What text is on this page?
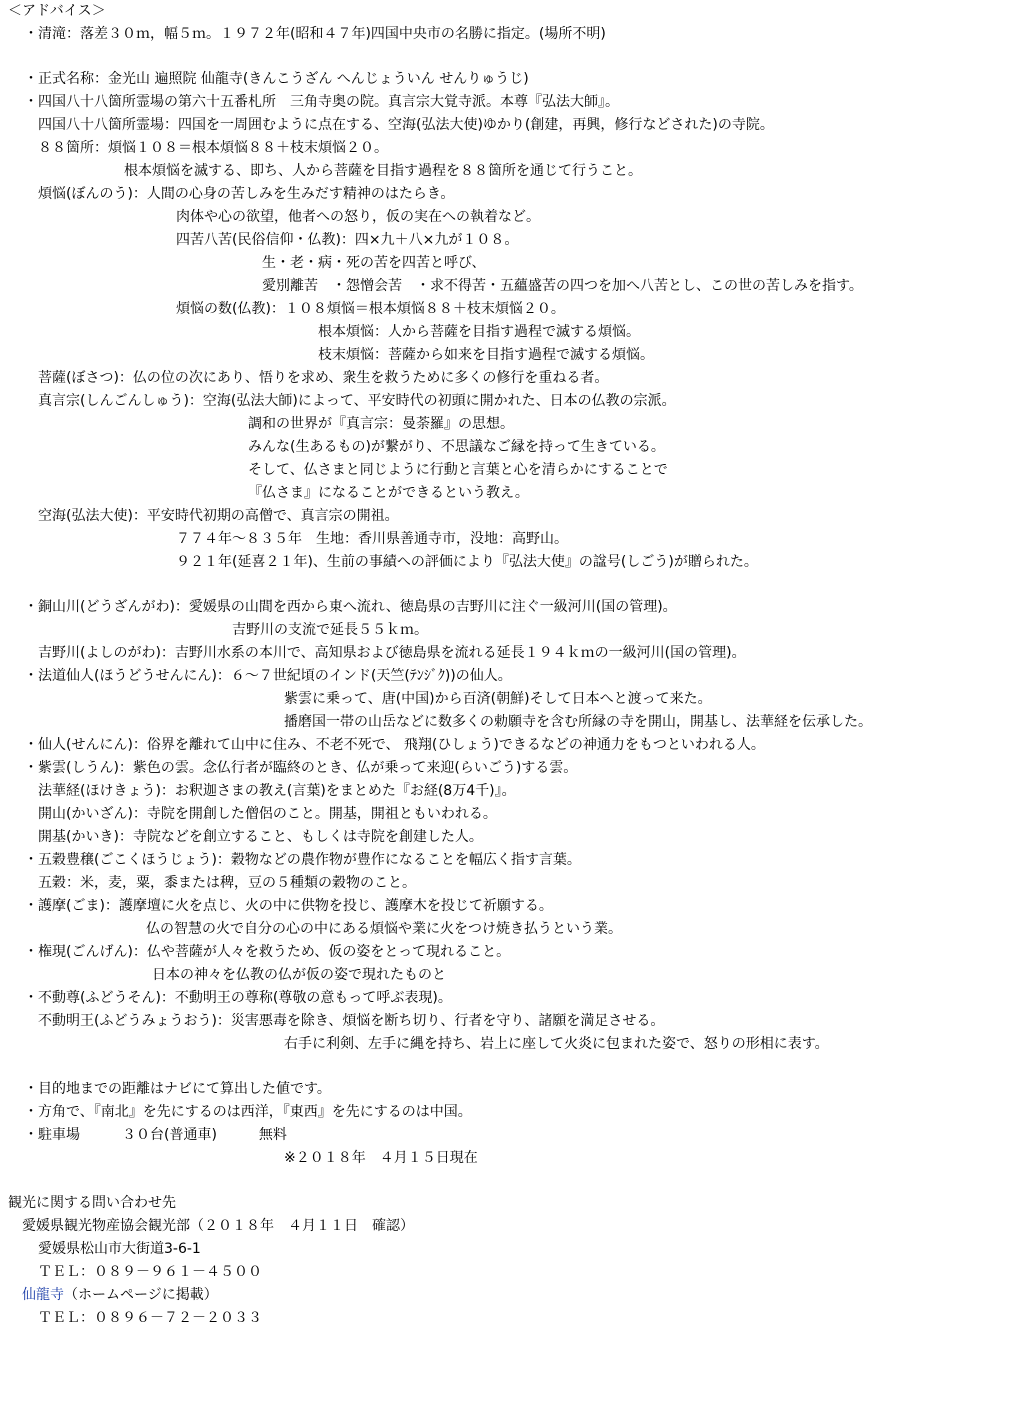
＜アドバイス＞
・清滝：落差３０ｍ，幅５ｍ。１９７２年(昭和４７年)四国中央市の名勝に指定。(場所不明)
・正式名称：金光山 遍照院 仙龍寺(きんこうざん へんじょういん せんりゅうじ)
・四国八十八箇所霊場の第六十五番札所　三角寺奥の院。真言宗大覚寺派。本尊『弘法大師』。
四国八十八箇所霊場：四国を一周囲むように点在する、空海(弘法大使)ゆかり(創建，再興，修行などされた)の寺院。
８８箇所：煩悩１０８＝根本煩悩８８＋枝末煩悩２０。
根本煩悩を滅する、即ち、人から菩薩を目指す過程を８８箇所を通じて行うこと。
煩悩(ぼんのう)：人間の心身の苦しみを生みだす精神のはたらき。
肉体や心の欲望，他者への怒り，仮の実在への執着など。
四苦八苦(民俗信仰・仏教)：四×九＋八×九が１０８。
生・老・病・死の苦を四苦と呼び、
愛別離苦　・怨憎会苦　・求不得苦・五蘊盛苦の四つを加へ八苦とし、この世の苦しみを指す。
煩悩の数(仏教)：１０８煩悩＝根本煩悩８８＋枝末煩悩２０。
根本煩悩：人から菩薩を目指す過程で滅する煩悩。
枝末煩悩：菩薩から如来を目指す過程で滅する煩悩。
菩薩(ぼさつ)：仏の位の次にあり、悟りを求め、衆生を救うために多くの修行を重ねる者。
真言宗(しんごんしゅう)：空海(弘法大師)によって、平安時代の初頭に開かれた、日本の仏教の宗派。
調和の世界が『真言宗：曼荼羅』の思想。
みんな(生あるもの)が繋がり、不思議なご縁を持って生きている。
そして、仏さまと同じように行動と言葉と心を清らかにすることで
『仏さま』になることができるという教え。
空海(弘法大使)：平安時代初期の高僧で、真言宗の開祖。
７７４年～８３５年　生地：香川県善通寺市，没地：高野山。
９２１年(延喜２１年)、生前の事績への評価により『弘法大使』の諡号(しごう)が贈られた。
・銅山川(どうざんがわ)：愛媛県の山間を西から東へ流れ、徳島県の吉野川に注ぐ一級河川(国の管理)。
吉野川の支流で延長５５ｋｍ。
吉野川(よしのがわ)：吉野川水系の本川で、高知県および徳島県を流れる延長１９４ｋｍの一級河川(国の管理)。
・法道仙人(ほうどうせんにん)：６～７世紀頃のインド(天竺(ﾃﾝｼﾞｸ))の仙人。
紫雲に乗って、唐(中国)から百済(朝鮮)そして日本へと渡って来た。
播磨国一帯の山岳などに数多くの勅願寺を含む所縁の寺を開山，開基し、法華経を伝承した。
・仙人(せんにん)：俗界を離れて山中に住み、不老不死で、 飛翔(ひしょう)できるなどの神通力をもつといわれる人。
・紫雲(しうん)：紫色の雲。念仏行者が臨終のとき、仏が乗って来迎(らいごう)する雲。
法華経(ほけきょう)：お釈迦さまの教え(言葉)をまとめた『お経(8万4千)』。
開山(かいざん)：寺院を開創した僧侶のこと。開基，開祖ともいわれる。
開基(かいき)：寺院などを創立すること、もしくは寺院を創建した人。
・五穀豊穣(ごこくほうじょう)：穀物などの農作物が豊作になることを幅広く指す言葉。
五穀：米，麦，粟，黍または稗，豆の５種類の穀物のこと。
・護摩(ごま)：護摩壇に火を点じ、火の中に供物を投じ、護摩木を投じて祈願する。
仏の智慧の火で自分の心の中にある煩悩や業に火をつけ焼き払うという業。
・権現(ごんげん)：仏や菩薩が人々を救うため、仮の姿をとって現れること。
日本の神々を仏教の仏が仮の姿で現れたものと
・不動尊(ふどうそん)：不動明王の尊称(尊敬の意もって呼ぶ表現)。
不動明王(ふどうみょうおう)：災害悪毒を除き、煩悩を断ち切り、行者を守り、諸願を満足させる。
右手に利剣、左手に縄を持ち、岩上に座して火炎に包まれた姿で、怒りの形相に表す。
・目的地までの距離はナビにて算出した値です。
・方角で、『南北』を先にするのは西洋，『東西』を先にするのは中国。
・駐車場　　　３０台(普通車)　　　無料
※２０１８年　４月１５日現在
観光に関する問い合わせ先
愛媛県観光物産協会観光部（２０１８年　４月１１日　確認）
愛媛県松山市大街道3-6-1
ＴＥＬ：０８９－９６１－４５００
仙龍寺（ホームページに掲載）
ＴＥＬ：０８９６－７２－２０３３
